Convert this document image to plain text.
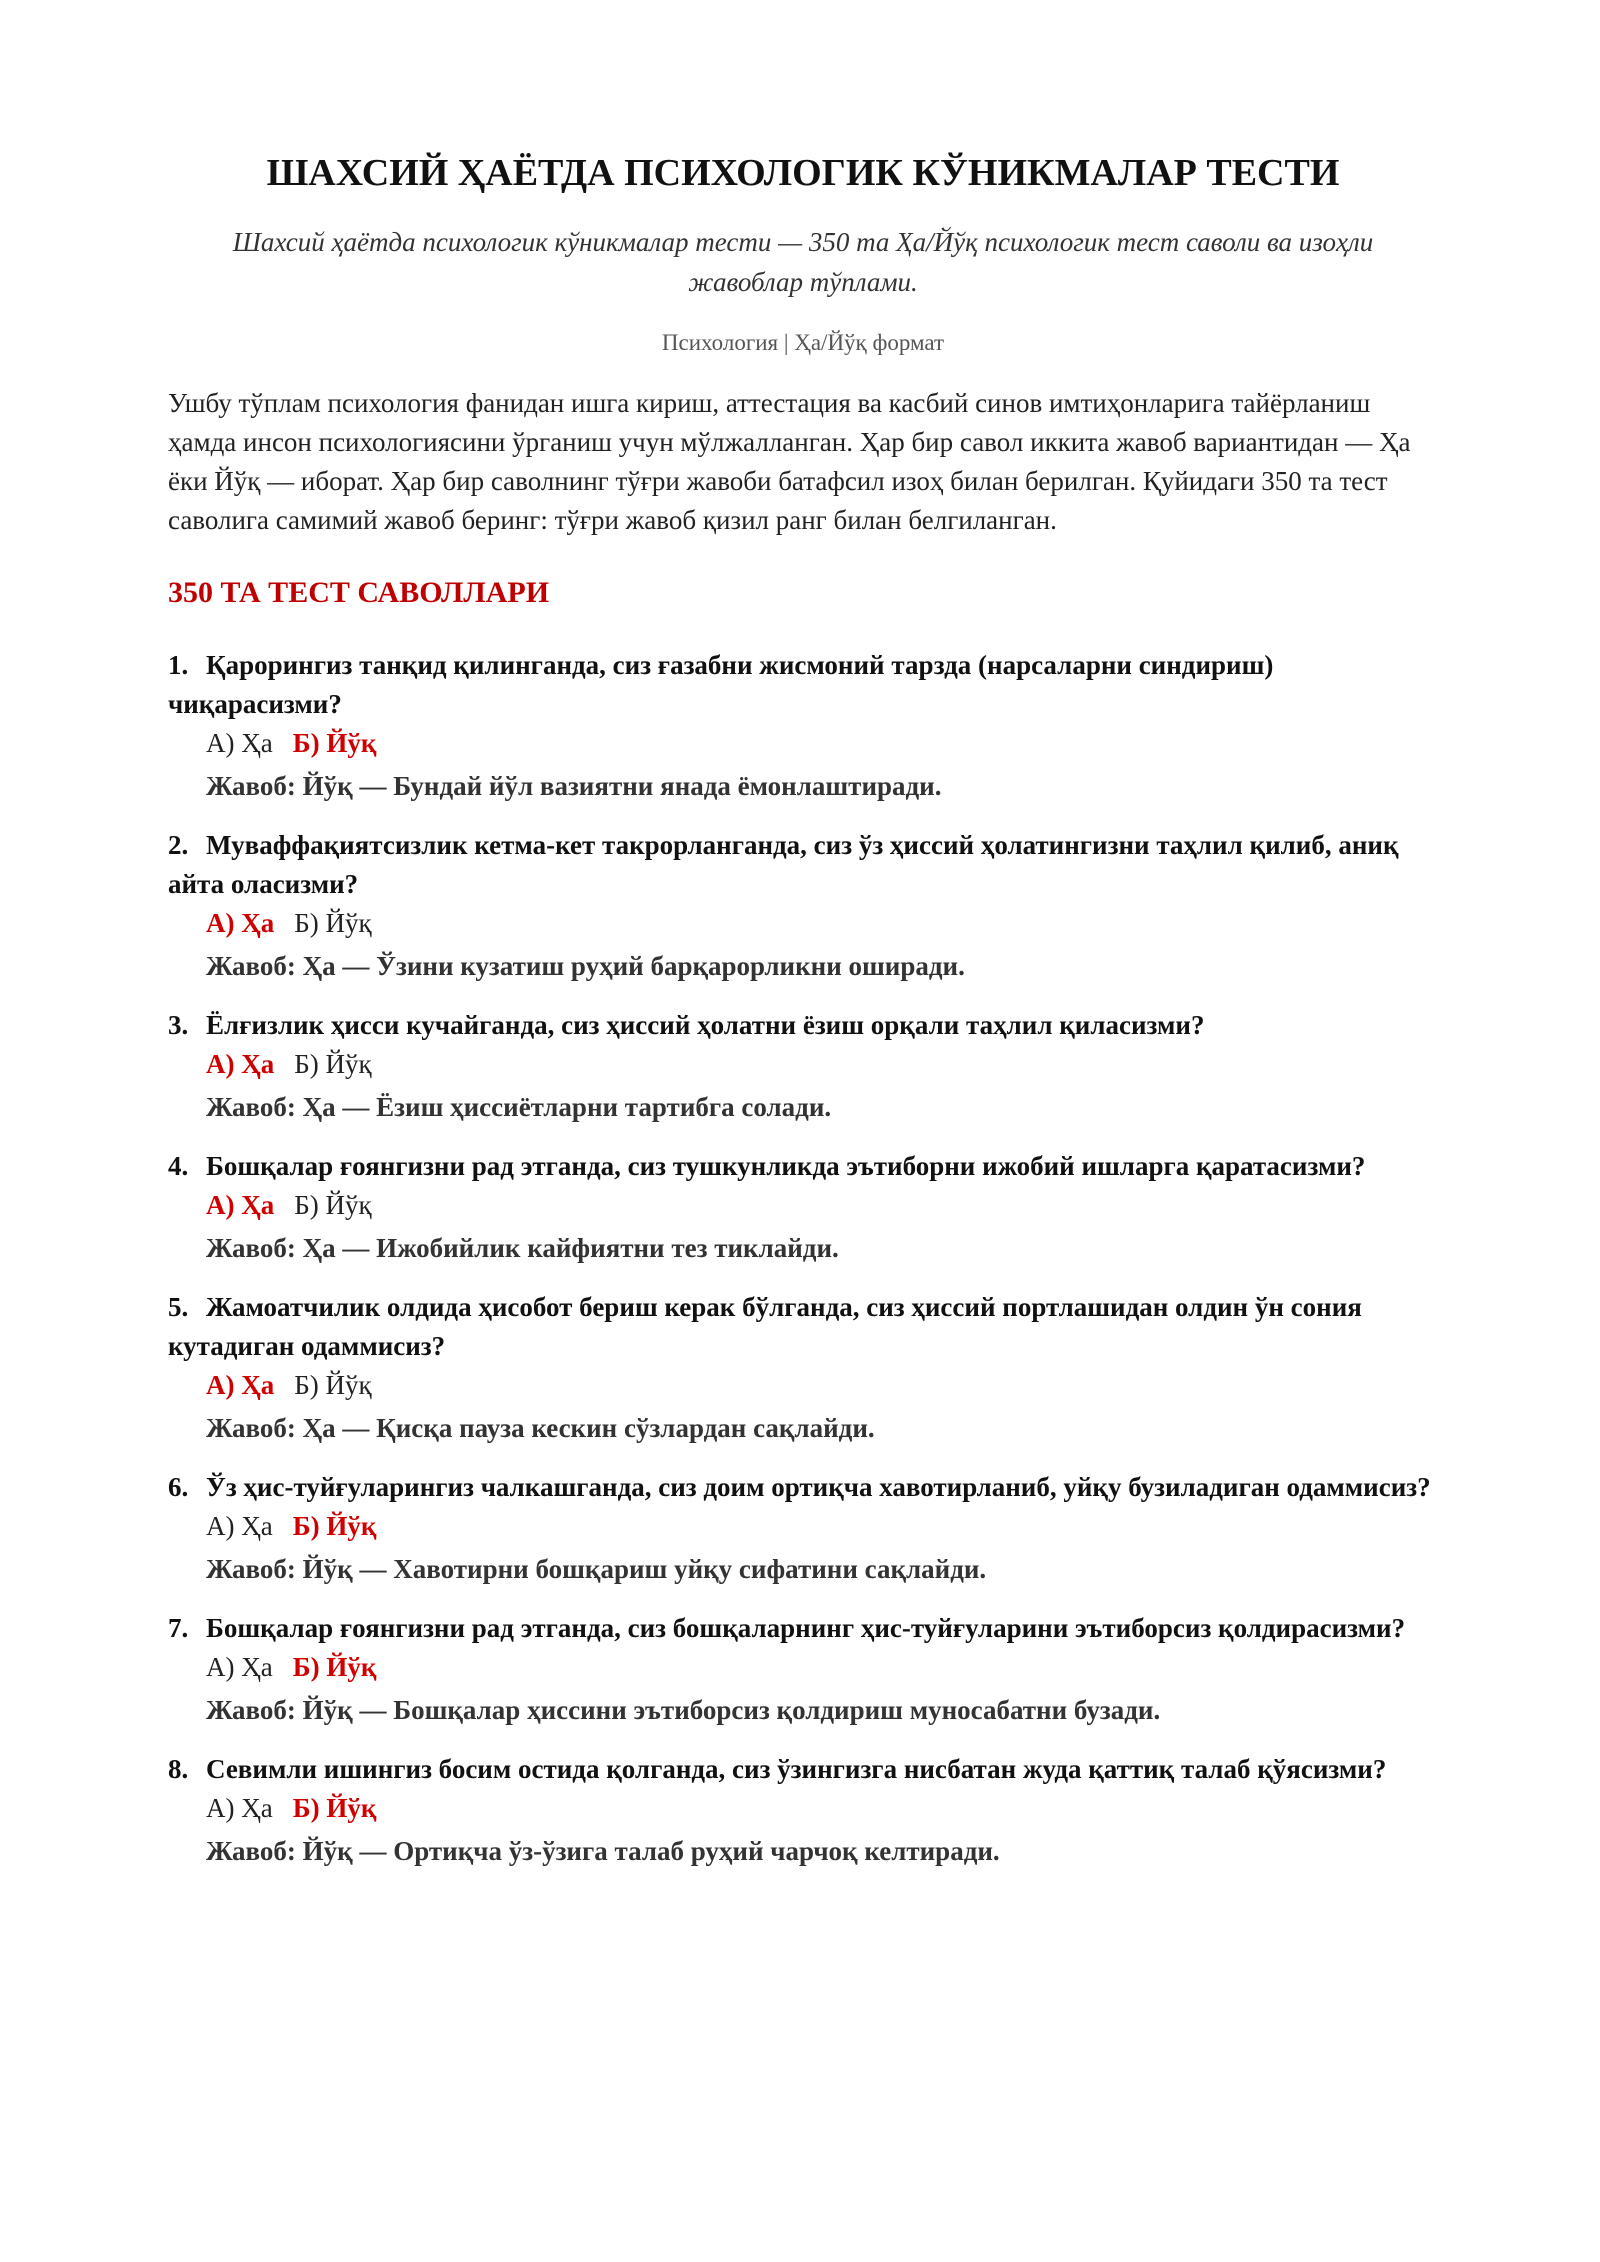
ШАХСИЙ ҲАЁТДА ПСИХОЛОГИК КЎНИКМАЛАР ТЕСТИ
Шахсий ҳаётда психологик кўникмалар тести — 350 та Ҳа/Йўқ психологик тест саволи ва изоҳли жавоблар тўплами.
Психология | Ҳа/Йўқ формат
Ушбу тўплам психология фанидан ишга кириш, аттестация ва касбий синов имтиҳонларига тайёрланиш ҳамда инсон психологиясини ўрганиш учун мўлжалланган. Ҳар бир савол иккита жавоб вариантидан — Ҳа ёки Йўқ — иборат. Ҳар бир саволнинг тўғри жавоби батафсил изоҳ билан берилган. Қуйидаги 350 та тест саволига самимий жавоб беринг: тўғри жавоб қизил ранг билан белгиланган.
350 ТА ТЕСТ САВОЛЛАРИ
1. Қарорингиз танқид қилинганда, сиз ғазабни жисмоний тарзда (нарсаларни синдириш) чиқарасизми?
А) Ҳа Б) Йўқ
Жавоб: Йўқ — Бундай йўл вазиятни янада ёмонлаштиради.
2. Муваффақиятсизлик кетма-кет такрорланганда, сиз ўз ҳиссий ҳолатингизни таҳлил қилиб, аниқ айта оласизми?
А) Ҳа Б) Йўқ
Жавоб: Ҳа — Ўзини кузатиш руҳий барқарорликни оширади.
3. Ёлғизлик ҳисси кучайганда, сиз ҳиссий ҳолатни ёзиш орқали таҳлил қиласизми?
А) Ҳа Б) Йўқ
Жавоб: Ҳа — Ёзиш ҳиссиётларни тартибга солади.
4. Бошқалар ғоянгизни рад этганда, сиз тушкунликда эътиборни ижобий ишларга қаратасизми?
А) Ҳа Б) Йўқ
Жавоб: Ҳа — Ижобийлик кайфиятни тез тиклайди.
5. Жамоатчилик олдида ҳисобот бериш керак бўлганда, сиз ҳиссий портлашидан олдин ўн сония кутадиган одаммисиз?
А) Ҳа Б) Йўқ
Жавоб: Ҳа — Қисқа пауза кескин сўзлардан сақлайди.
6. Ўз ҳис-туйғуларингиз чалкашганда, сиз доим ортиқча хавотирланиб, уйқу бузиладиган одаммисиз?
А) Ҳа Б) Йўқ
Жавоб: Йўқ — Хавотирни бошқариш уйқу сифатини сақлайди.
7. Бошқалар ғоянгизни рад этганда, сиз бошқаларнинг ҳис-туйғуларини эътиборсиз қолдирасизми?
А) Ҳа Б) Йўқ
Жавоб: Йўқ — Бошқалар ҳиссини эътиборсиз қолдириш муносабатни бузади.
8. Севимли ишингиз босим остида қолганда, сиз ўзингизга нисбатан жуда қаттиқ талаб қўясизми?
А) Ҳа Б) Йўқ
Жавоб: Йўқ — Ортиқча ўз-ўзига талаб руҳий чарчоқ келтиради.
